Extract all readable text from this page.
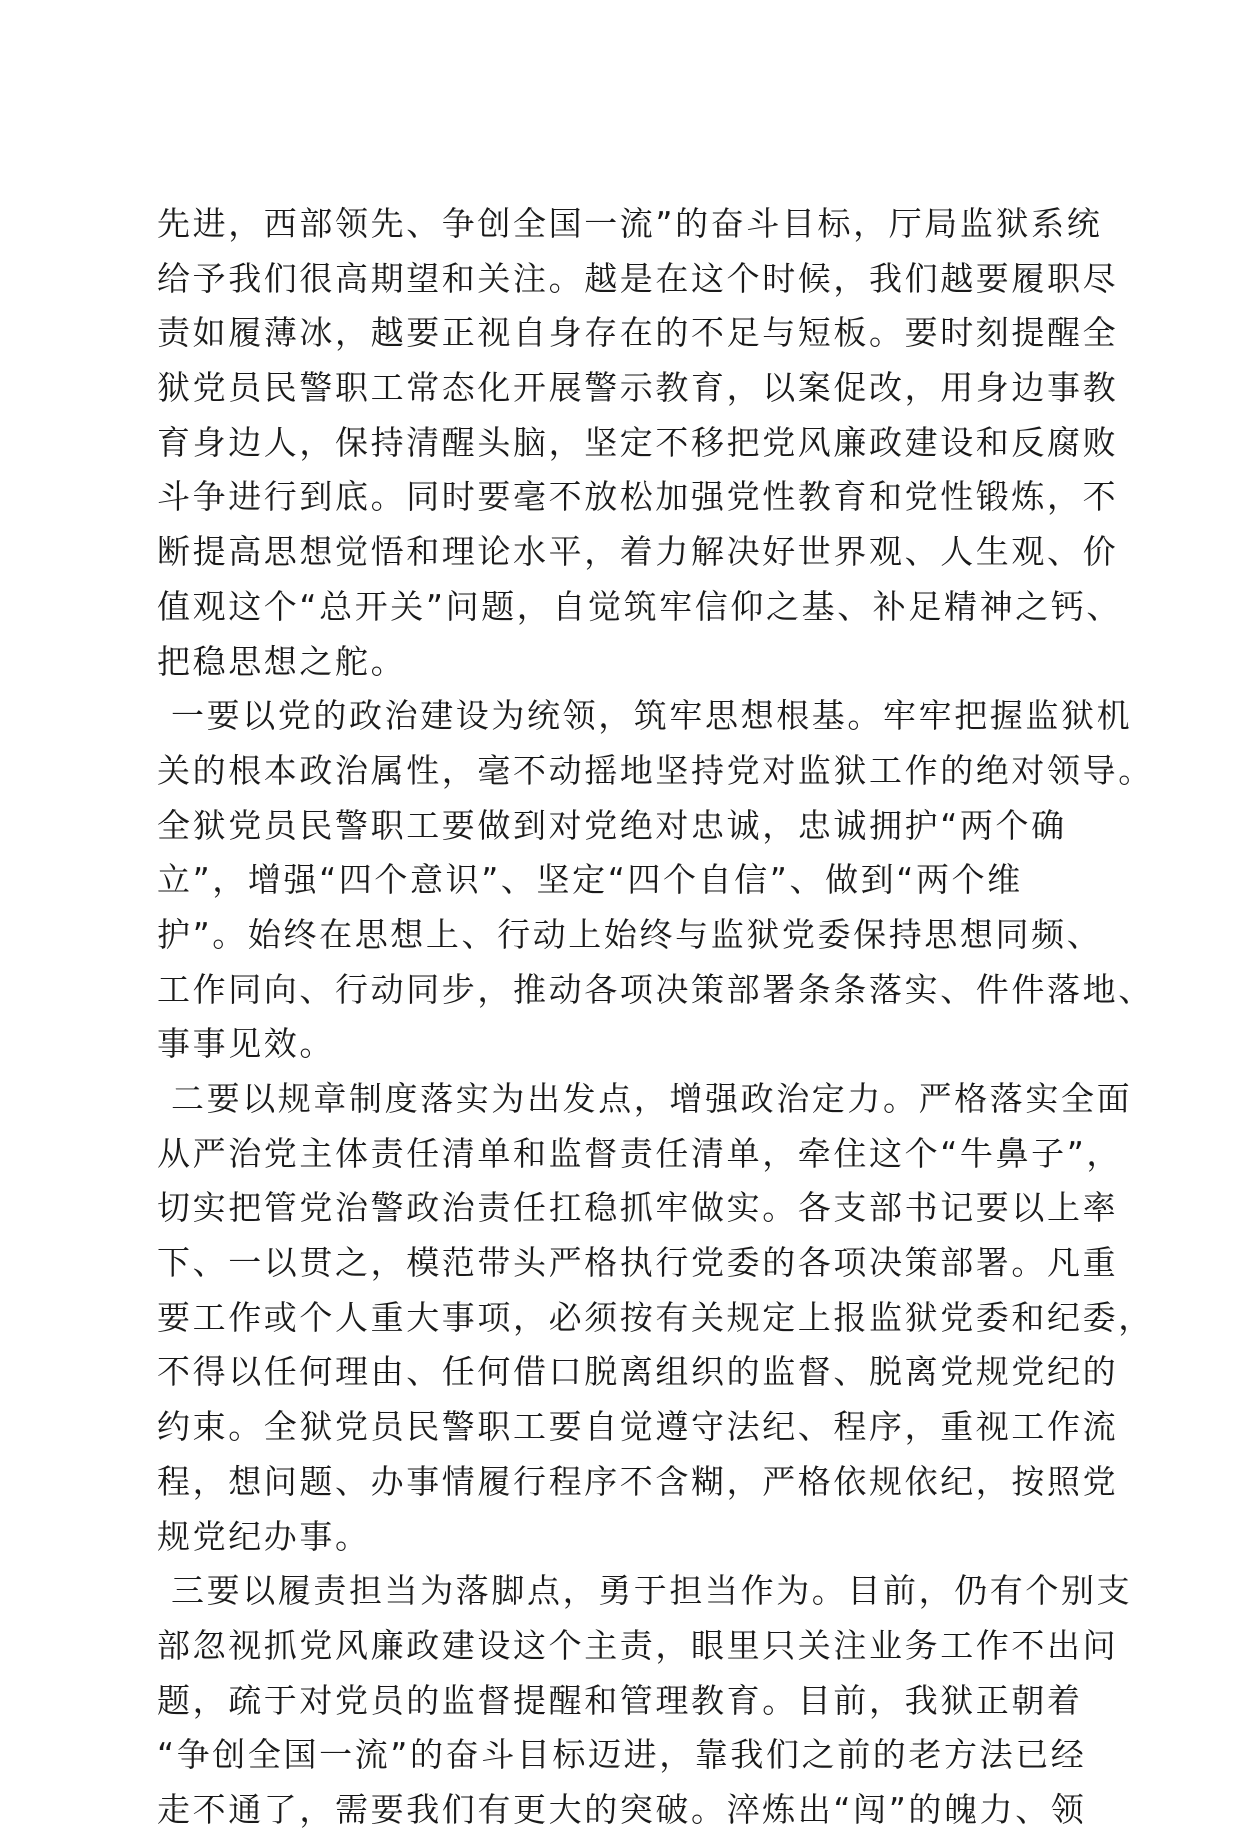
先进，西部领先、争创全国一流”的奋斗目标，厅局监狱系统
给予我们很高期望和关注。越是在这个时候，我们越要履职尽
责如履薄冰，越要正视自身存在的不足与短板。要时刻提醒全
狱党员民警职工常态化开展警示教育，以案促改，用身边事教
育身边人，保持清醒头脑，坚定不移把党风廉政建设和反腐败
斗争进行到底。同时要毫不放松加强党性教育和党性锻炼，不
断提高思想觉悟和理论水平，着力解决好世界观、人生观、价
值观这个“总开关”问题，自觉筑牢信仰之基、补足精神之钙、
把稳思想之舵。
一要以党的政治建设为统领，筑牢思想根基。牢牢把握监狱机
关的根本政治属性，毫不动摇地坚持党对监狱工作的绝对领导。
全狱党员民警职工要做到对党绝对忠诚，忠诚拥护“两个确
立”，增强“四个意识”、坚定“四个自信”、做到“两个维
护”。始终在思想上、行动上始终与监狱党委保持思想同频、
工作同向、行动同步，推动各项决策部署条条落实、件件落地、
事事见效。
二要以规章制度落实为出发点，增强政治定力。严格落实全面
从严治党主体责任清单和监督责任清单，牵住这个“牛鼻子”，
切实把管党治警政治责任扛稳抓牢做实。各支部书记要以上率
下、一以贯之，模范带头严格执行党委的各项决策部署。凡重
要工作或个人重大事项，必须按有关规定上报监狱党委和纪委，
不得以任何理由、任何借口脱离组织的监督、脱离党规党纪的
约束。全狱党员民警职工要自觉遵守法纪、程序，重视工作流
程，想问题、办事情履行程序不含糊，严格依规依纪，按照党
规党纪办事。
三要以履责担当为落脚点，勇于担当作为。目前，仍有个别支
部忽视抓党风廉政建设这个主责，眼里只关注业务工作不出问
题，疏于对党员的监督提醒和管理教育。目前，我狱正朝着
“争创全国一流”的奋斗目标迈进，靠我们之前的老方法已经
走不通了，需要我们有更大的突破。淬炼出“闯”的魄力、领
